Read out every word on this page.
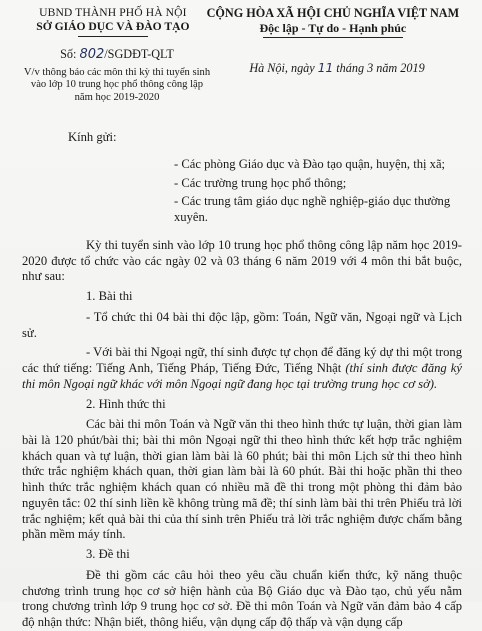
UBND THÀNH PHỐ HÀ NỘI
SỞ GIÁO DỤC VÀ ĐÀO TẠO
CỘNG HÒA XÃ HỘI CHỦ NGHĨA VIỆT NAM
Độc lập - Tự do - Hạnh phúc
Số: 802/SGDĐT-QLT
V/v thông báo các môn thi kỳ thi tuyển sinh vào lớp 10 trung học phổ thông công lập năm học 2019-2020
Hà Nội, ngày 11 tháng 3 năm 2019
Kính gửi:
- Các phòng Giáo dục và Đào tạo quận, huyện, thị xã;
- Các trường trung học phổ thông;
- Các trung tâm giáo dục nghề nghiệp-giáo dục thường xuyên.

Kỳ thi tuyển sinh vào lớp 10 trung học phổ thông công lập năm học 2019-2020 được tổ chức vào các ngày 02 và 03 tháng 6 năm 2019 với 4 môn thi bắt buộc, như sau:

1. Bài thi

- Tổ chức thi 04 bài thi độc lập, gồm: Toán, Ngữ văn, Ngoại ngữ và Lịch sử.

- Với bài thi Ngoại ngữ, thí sinh được tự chọn để đăng ký dự thi một trong các thứ tiếng: Tiếng Anh, Tiếng Pháp, Tiếng Đức, Tiếng Nhật (thí sinh được đăng ký thi môn Ngoại ngữ khác với môn Ngoại ngữ đang học tại trường trung học cơ sở).

2. Hình thức thi

Các bài thi môn Toán và Ngữ văn thi theo hình thức tự luận, thời gian làm bài là 120 phút/bài thi; bài thi môn Ngoại ngữ thi theo hình thức kết hợp trắc nghiệm khách quan và tự luận, thời gian làm bài là 60 phút; bài thi môn Lịch sử thi theo hình thức trắc nghiệm khách quan, thời gian làm bài là 60 phút. Bài thi hoặc phần thi theo hình thức trắc nghiệm khách quan có nhiều mã đề thi trong một phòng thi đảm bảo nguyên tắc: 02 thí sinh liền kề không trùng mã đề; thí sinh làm bài thi trên Phiếu trả lời trắc nghiệm; kết quả bài thi của thí sinh trên Phiếu trả lời trắc nghiệm được chấm bằng phần mềm máy tính.

3. Đề thi

Đề thi gồm các câu hỏi theo yêu cầu chuẩn kiến thức, kỹ năng thuộc chương trình trung học cơ sở hiện hành của Bộ Giáo dục và Đào tạo, chủ yếu nằm trong chương trình lớp 9 trung học cơ sở. Đề thi môn Toán và Ngữ văn đảm bảo 4 cấp độ nhận thức: Nhận biết, thông hiểu, vận dụng cấp độ thấp và vận dụng cấp
